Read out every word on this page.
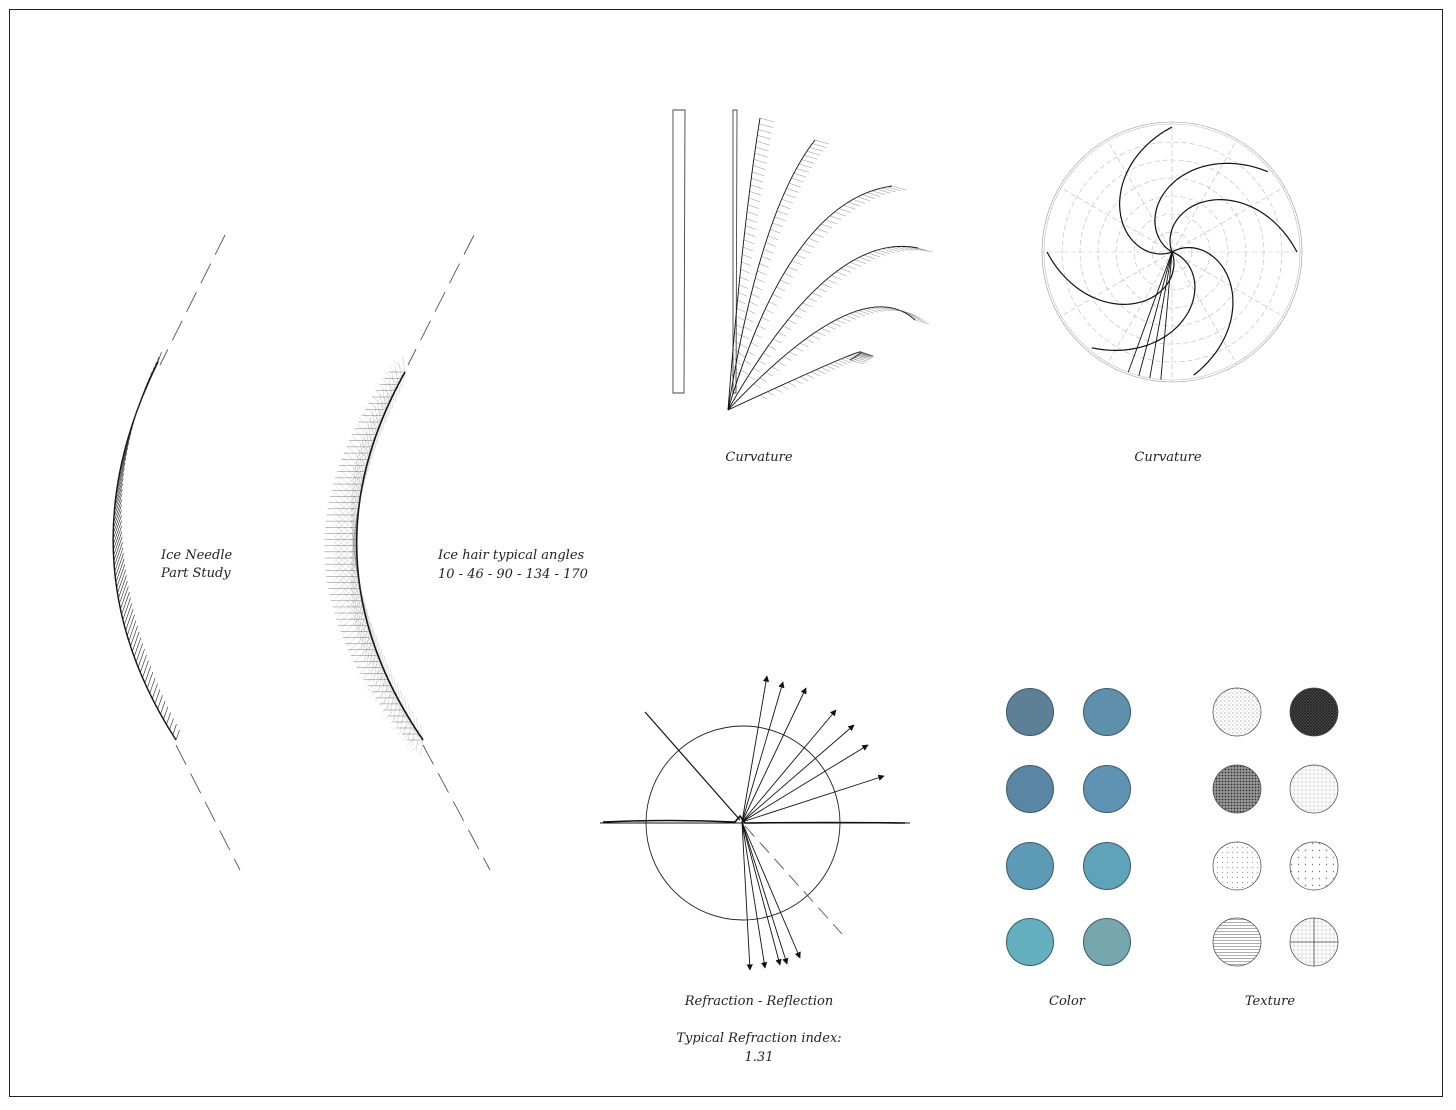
Ice Needle
Part Study
Ice hair typical angles
10 - 46 - 90 - 134 - 170
Curvature	Curvature
Refraction - Reflection
Typical Refraction index:
1.31
Color	Texture
